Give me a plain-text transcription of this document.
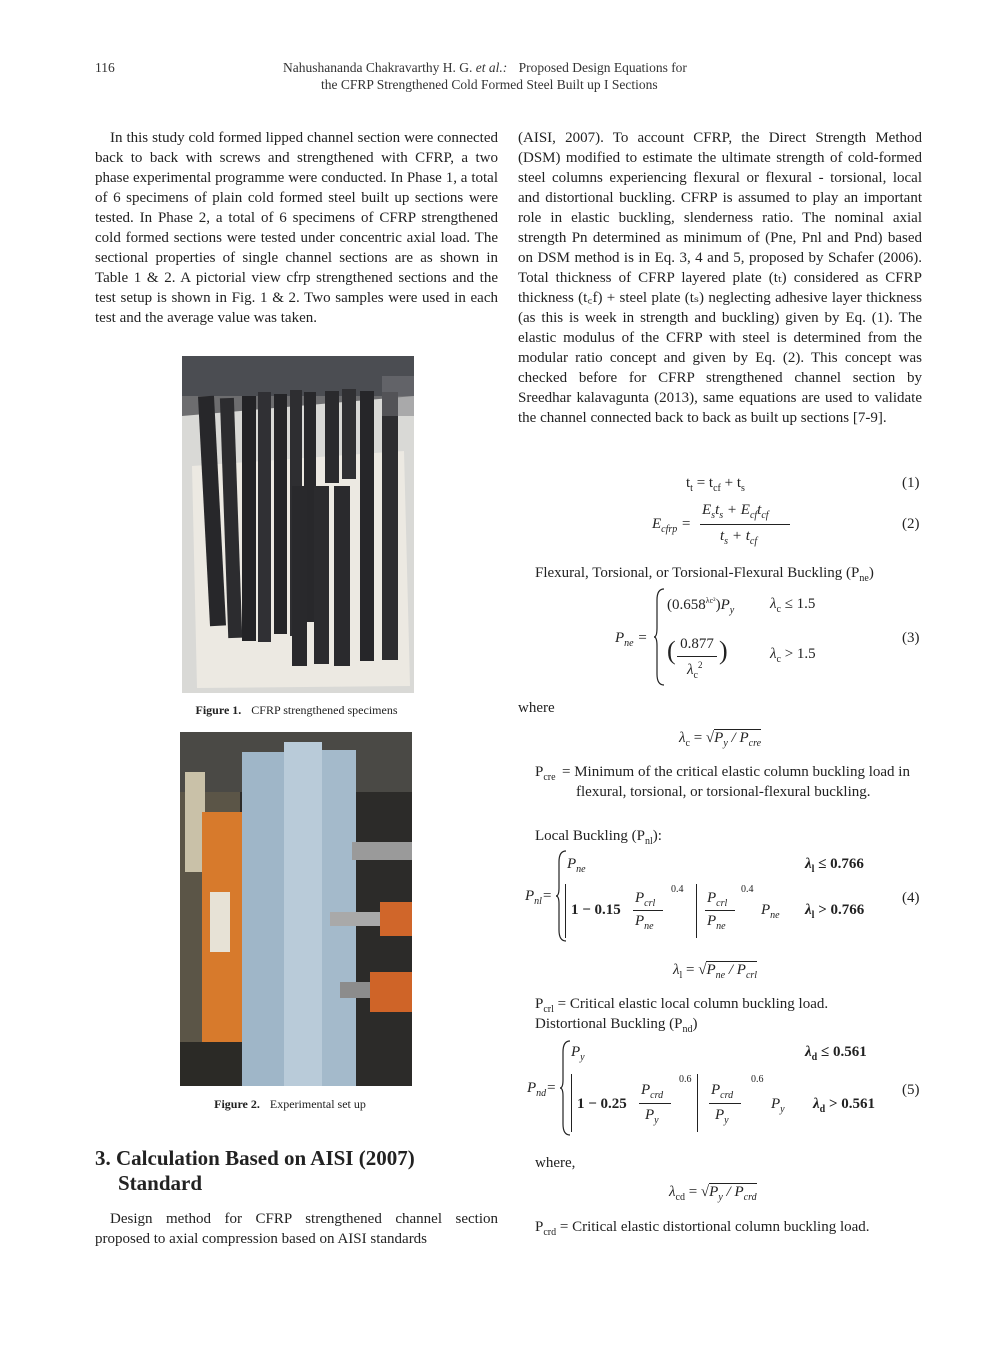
116	Nahushananda Chakravarthy H. G. et al.: Proposed Design Equations for
the CFRP Strengthened Cold Formed Steel Built up I Sections

In this study cold formed lipped channel section were connected back to back with screws and strengthened with CFRP, a two phase experimental programme were conducted. In Phase 1, a total of 6 specimens of plain cold formed steel built up sections were tested. In Phase 2, a total of 6 specimens of CFRP strengthened cold formed sections were tested under concentric axial load. The sectional properties of single channel sections are as shown in Table 1 & 2. A pictorial view cfrp strengthened sections and the test setup is shown in Fig. 1 & 2. Two samples were used in each test and the average value was taken.

Figure 1. CFRP strengthened specimens
Figure 2. Experimental set up
3. Calculation Based on AISI (2007)
Standard

Design method for CFRP strengthened channel section proposed to axial compression based on AISI standards

(AISI, 2007). To account CFRP, the Direct Strength Method (DSM) modified to estimate the ultimate strength of cold-formed steel columns experiencing flexural or flexural - torsional, local and distortional buckling. CFRP is assumed to play an important role in elastic buckling, slenderness ratio. The nominal axial strength Pn determined as minimum of (Pne, Pnl and Pnd) based on DSM method is in Eq. 3, 4 and 5, proposed by Schafer (2006). Total thickness of CFRP layered plate (tₜ) considered as CFRP thickness (t꜀f) + steel plate (tₛ) neglecting adhesive layer thickness (as this is week in strength and buckling) given by Eq. (1). The elastic modulus of the CFRP with steel is determined from the modular ratio concept and given by Eq. (2). This concept was checked before for CFRP strengthened channel section by Sreedhar kalavagunta (2013), same equations are used to validate the channel connected back to back as built up sections [7-9].
$t_t = t_{cf} + t_s$	(1)
$E_{cfrp}$ =
$E_st_s + E_{cf}t_{cf}$
$t_s + t_{cf}$
(2)
Flexural, Torsional, or Torsional-Flexural Buckling $(P_{ne})$
$P_{ne}$ =
$(0.658^{\lambda c^2})P_y$ $\lambda_c \le 1.5$
( 0.877
$\lambda_c^2$ )	$\lambda_c > 1.5$
(3)
where
$\lambda_c = √P_y / P_{cre}$
$P_{cre}$ = Minimum of the critical elastic column buckling load in flexural, torsional, or torsional-flexural buckling.
Local Buckling $(P_{nl})$:
$P_{nl}=$
$P_{ne}$	$\lambda_l \le 0.766$
1 − 0.15
$P_{crl}$
$P_{ne}$
0.4
$P_{crl}$
$P_{ne}$
0.4
$P_{ne}$ $\lambda_l > 0.766$
(4)
$\lambda_l = √P_{ne} / P_{crl}$
$P_{crl}$ = Critical elastic local column buckling load.
Distortional Buckling $(P_{nd})$
$P_{nd}=$
$P_y$	$\lambda_d \le 0.561$
1 − 0.25
$P_{crd}$
$P_y$
0.6
$P_{crd}$
$P_y$
0.6
$P_y$ $\lambda_d > 0.561$
(5)
where,
$\lambda_{cd} = √P_y / P_{crd}$
$P_{crd}$ = Critical elastic distortional column buckling load.
